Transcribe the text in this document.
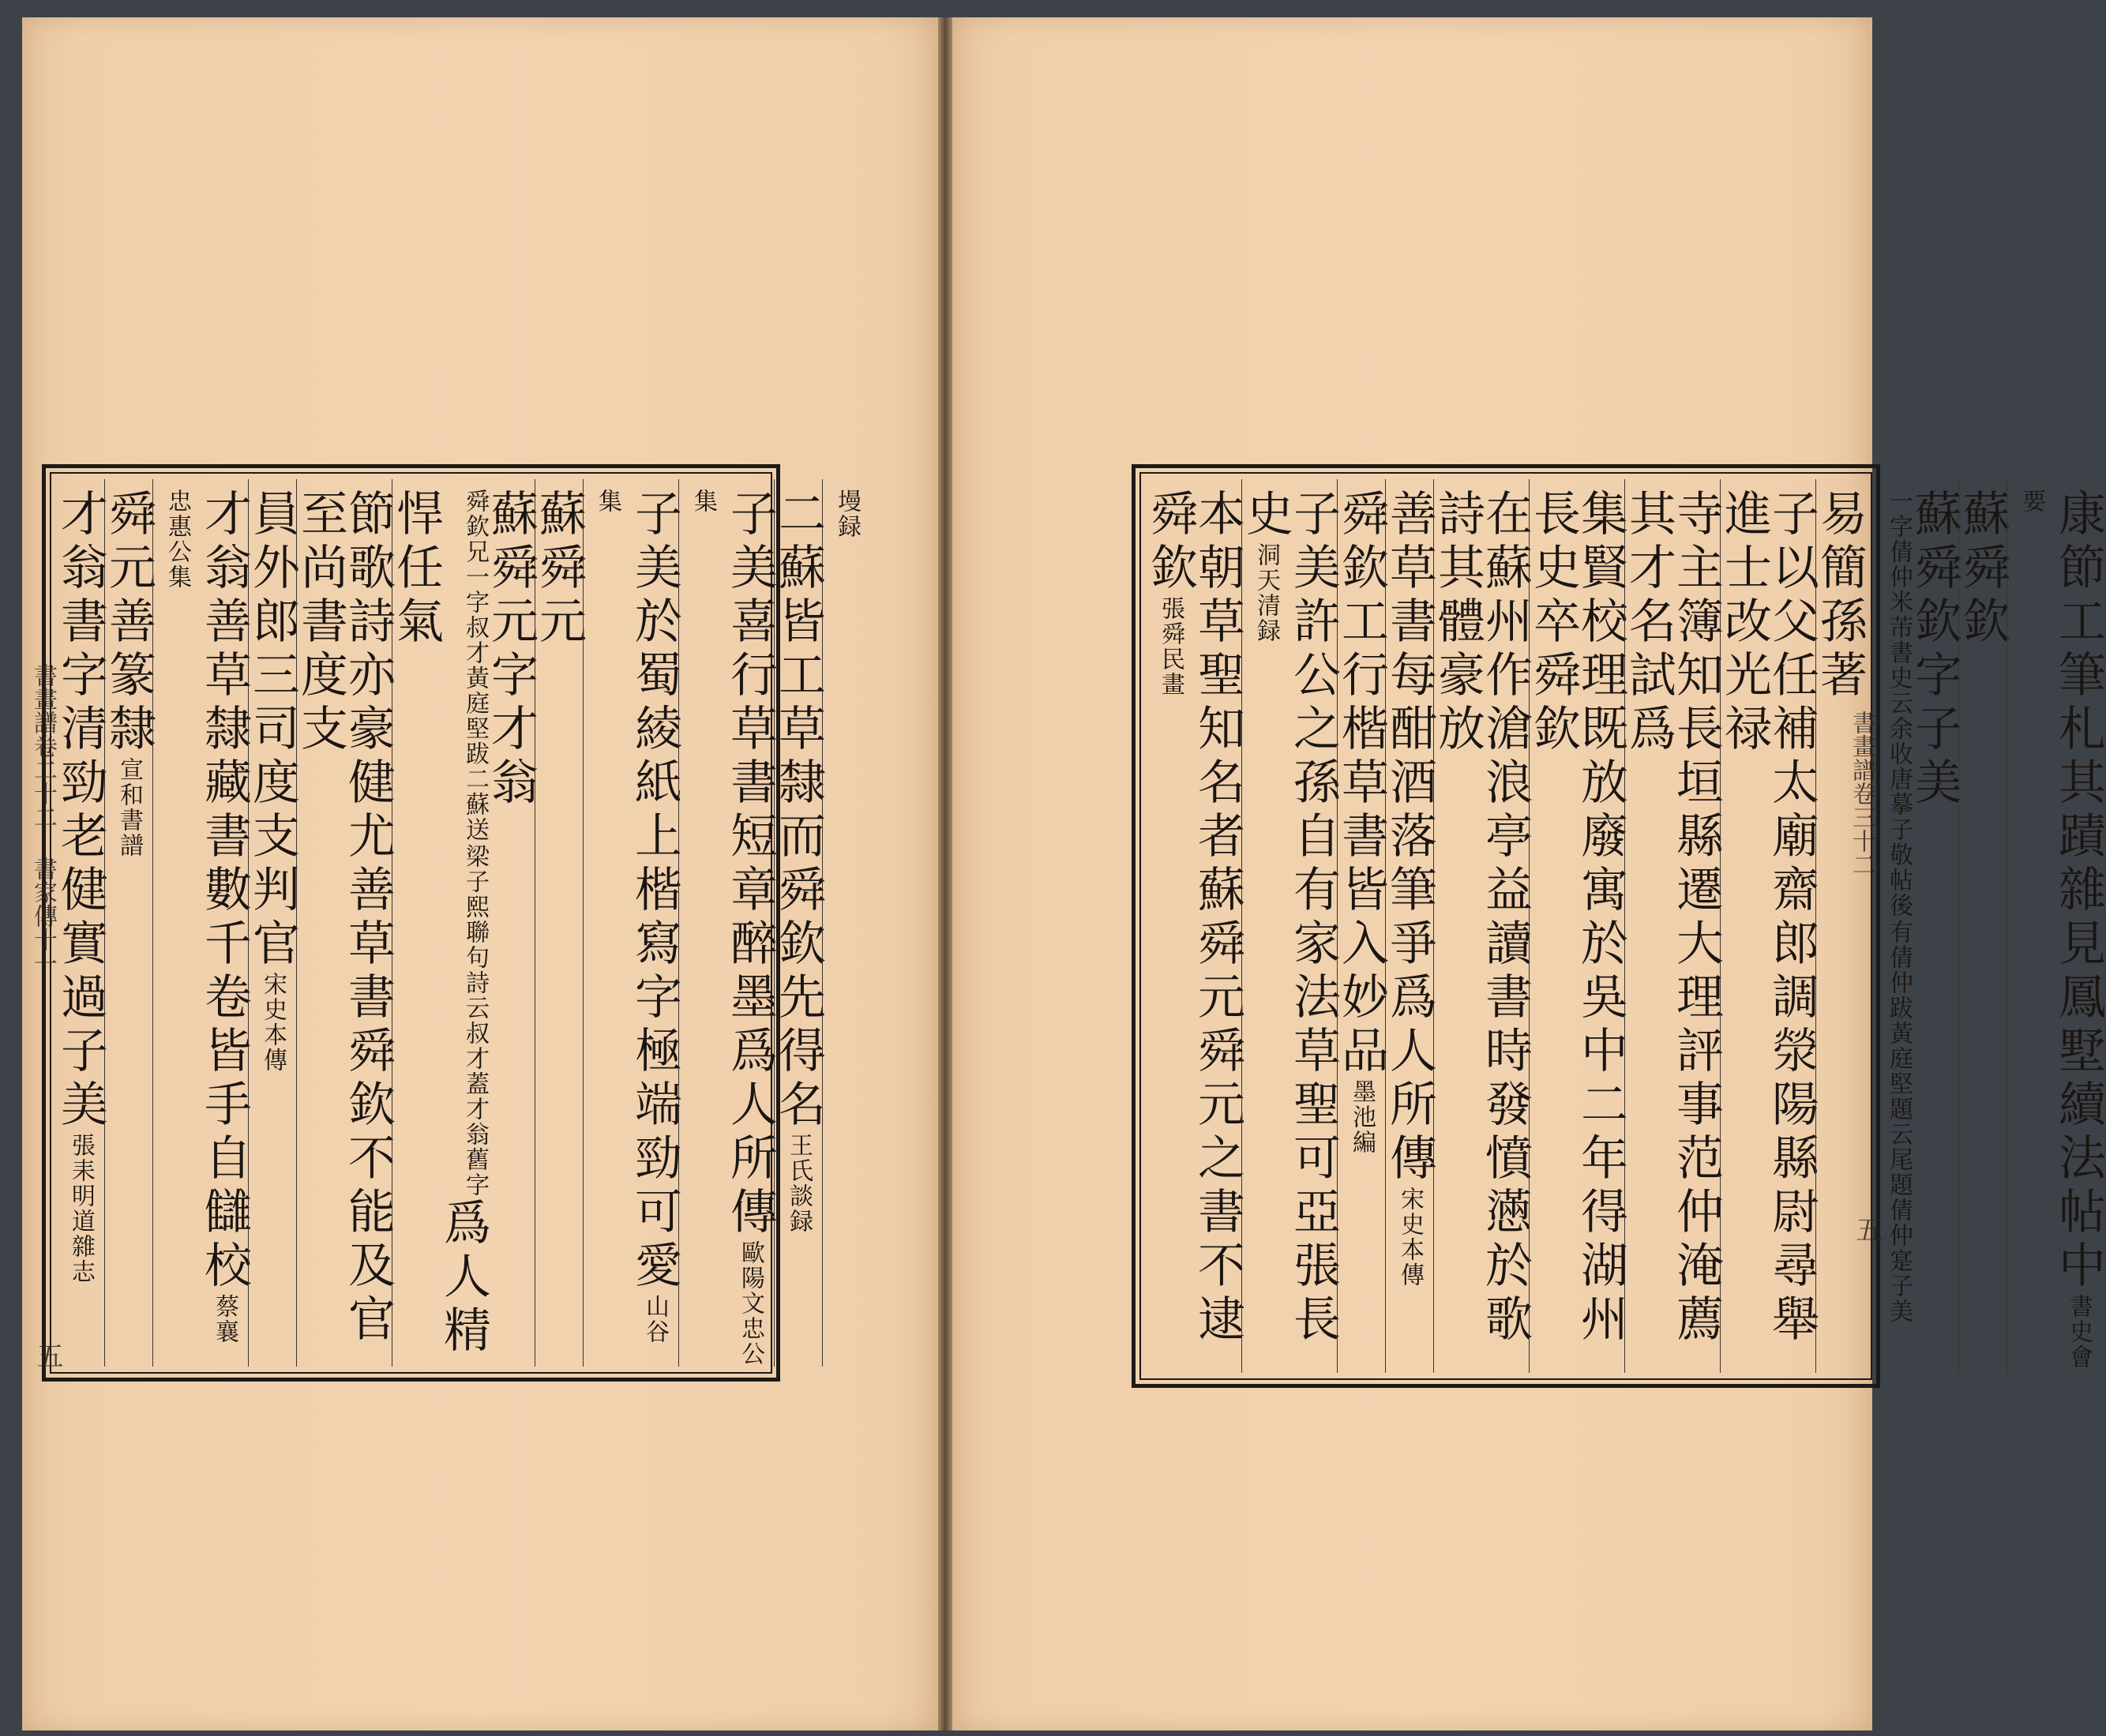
才翁書字清勁老健實過子美張耒明道雜志
舜元善篆隸宣和書譜	才翁善草隸藏書數千卷皆手自讎校蔡襄忠惠公集	員外郎三司度支判官宋史本傳	節歌詩亦豪健尤善草書舜欽不能及官至尚書度支	蘇舜元字才翁
舜欽兄一字叔才黃庭堅跋二蘇送
梁子熙聯句詩云叔才蓋才翁舊字
爲人精悍任氣	蘇舜元 子美於蜀綾紙上楷寫字極端勁可愛山谷集	子美喜行草書短章醉墨爲人所傳歐陽文忠公集	二蘇皆工草隸而舜欽先得名王氏談録
墁録	本朝草聖知名者蘇舜元舜元之書不逮舜欽張舜民畫	子美許公之孫自有家法草聖可亞張長史洞天清録	舜欽工行楷草書皆入妙品墨池編 善草書每酣酒落筆爭爲人所傳宋史本傳	在蘇州作滄浪亭益讀書時發憤懣於歌詩其體豪放	集賢校理既放廢寓於吳中二年得湖州長史卒舜欽	寺主簿知長垣縣遷大理評事范仲淹薦其才名試爲	子以父任補太廟齋郎調滎陽縣尉尋舉進士改光禄	蘇舜欽字子美
一字倩仲米芾書史云余收唐摹子敬帖後
有倩仲跋黃庭堅題云尾題倩仲寔子美
易簡孫著	蘇舜欽 康節工筆札其蹟雜見鳳墅續法帖中書史會要
書畫譜卷二十二 書家傳十一
五
書畫譜卷三十二
五
